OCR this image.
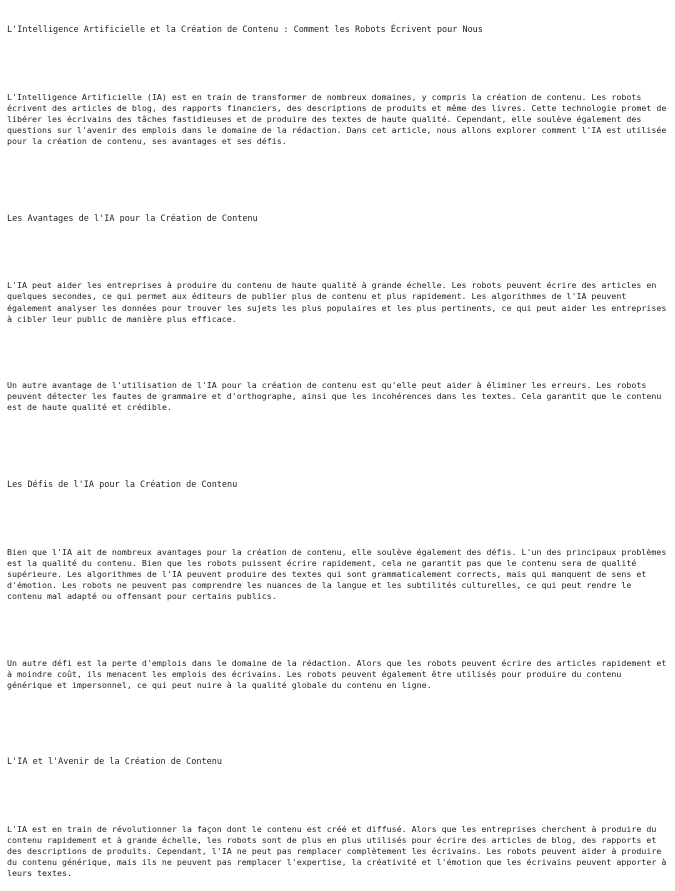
L'Intelligence Artificielle et la Création de Contenu : Comment les Robots Écrivent pour Nous

L'Intelligence Artificielle (IA) est en train de transformer de nombreux domaines, y compris la création de contenu. Les robots écrivent des articles de blog, des rapports financiers, des descriptions de produits et même des livres. Cette technologie promet de libérer les écrivains des tâches fastidieuses et de produire des textes de haute qualité. Cependant, elle soulève également des questions sur l'avenir des emplois dans le domaine de la rédaction. Dans cet article, nous allons explorer comment l'IA est utilisée pour la création de contenu, ses avantages et ses défis.

Les Avantages de l'IA pour la Création de Contenu

L'IA peut aider les entreprises à produire du contenu de haute qualité à grande échelle. Les robots peuvent écrire des articles en quelques secondes, ce qui permet aux éditeurs de publier plus de contenu et plus rapidement. Les algorithmes de l'IA peuvent également analyser les données pour trouver les sujets les plus populaires et les plus pertinents, ce qui peut aider les entreprises à cibler leur public de manière plus efficace.

Un autre avantage de l'utilisation de l'IA pour la création de contenu est qu'elle peut aider à éliminer les erreurs. Les robots peuvent détecter les fautes de grammaire et d'orthographe, ainsi que les incohérences dans les textes. Cela garantit que le contenu est de haute qualité et crédible.

Les Défis de l'IA pour la Création de Contenu

Bien que l'IA ait de nombreux avantages pour la création de contenu, elle soulève également des défis. L'un des principaux problèmes est la qualité du contenu. Bien que les robots puissent écrire rapidement, cela ne garantit pas que le contenu sera de qualité supérieure. Les algorithmes de l'IA peuvent produire des textes qui sont grammaticalement corrects, mais qui manquent de sens et d'émotion. Les robots ne peuvent pas comprendre les nuances de la langue et les subtilités culturelles, ce qui peut rendre le contenu mal adapté ou offensant pour certains publics.

Un autre défi est la perte d'emplois dans le domaine de la rédaction. Alors que les robots peuvent écrire des articles rapidement et à moindre coût, ils menacent les emplois des écrivains. Les robots peuvent également être utilisés pour produire du contenu générique et impersonnel, ce qui peut nuire à la qualité globale du contenu en ligne.

L'IA et l'Avenir de la Création de Contenu

L'IA est en train de révolutionner la façon dont le contenu est créé et diffusé. Alors que les entreprises cherchent à produire du contenu rapidement et à grande échelle, les robots sont de plus en plus utilisés pour écrire des articles de blog, des rapports et des descriptions de produits. Cependant, l'IA ne peut pas remplacer complètement les écrivains. Les robots peuvent aider à produire du contenu générique, mais ils ne peuvent pas remplacer l'expertise, la créativité et l'émotion que les écrivains peuvent apporter à leurs textes.
